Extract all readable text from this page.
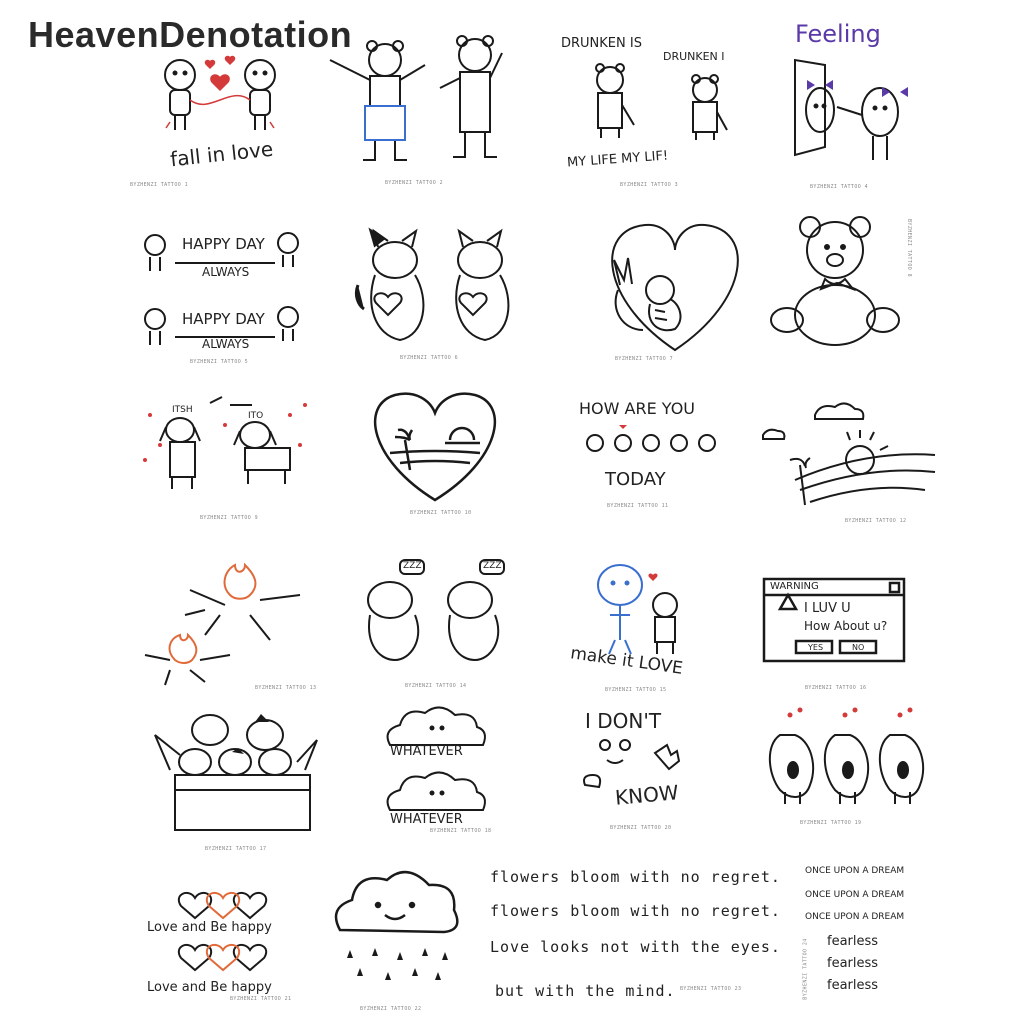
HeavenDenotation
fall in love
BYZHENZI TATTOO 1	BYZHENZI TATTOO 2
DRUNKEN IS
DRUNKEN I
MY LIFE MY LIF!
BYZHENZI TATTOO 3
Feeling
BYZHENZI TATTOO 4
HAPPY DAY
ALWAYS
HAPPY DAY
ALWAYS
BYZHENZI TATTOO 5
BYZHENZI TATTOO 6	BYZHENZI TATTOO 7
BYZHENZI TATTOO 8
ITSH
ITO
BYZHENZI TATTOO 9
BYZHENZI TATTOO 10
HOW ARE YOU
TODAY
BYZHENZI TATTOO 11
BYZHENZI TATTOO 12
BYZHENZI TATTOO 13
ZZZ	ZZZ
BYZHENZI TATTOO 14
make it LOVE
BYZHENZI TATTOO 15
WARNING
I LUV U
How About u?
YES	NO
BYZHENZI TATTOO 16
BYZHENZI TATTOO 17
WHATEVER
WHATEVER
BYZHENZI TATTOO 18
I DON'T
KNOW
BYZHENZI TATTOO 20
BYZHENZI TATTOO 19
Love and Be happy
Love and Be happy
BYZHENZI TATTOO 21
BYZHENZI TATTOO 22
flowers bloom with no regret.
flowers bloom with no regret.
Love looks not with the eyes.
but with the mind. BYZHENZI TATTOO 23
ONCE UPON A DREAM
ONCE UPON A DREAM
ONCE UPON A DREAM
fearless
fearless
fearless
BYZHENZI TATTOO 24
